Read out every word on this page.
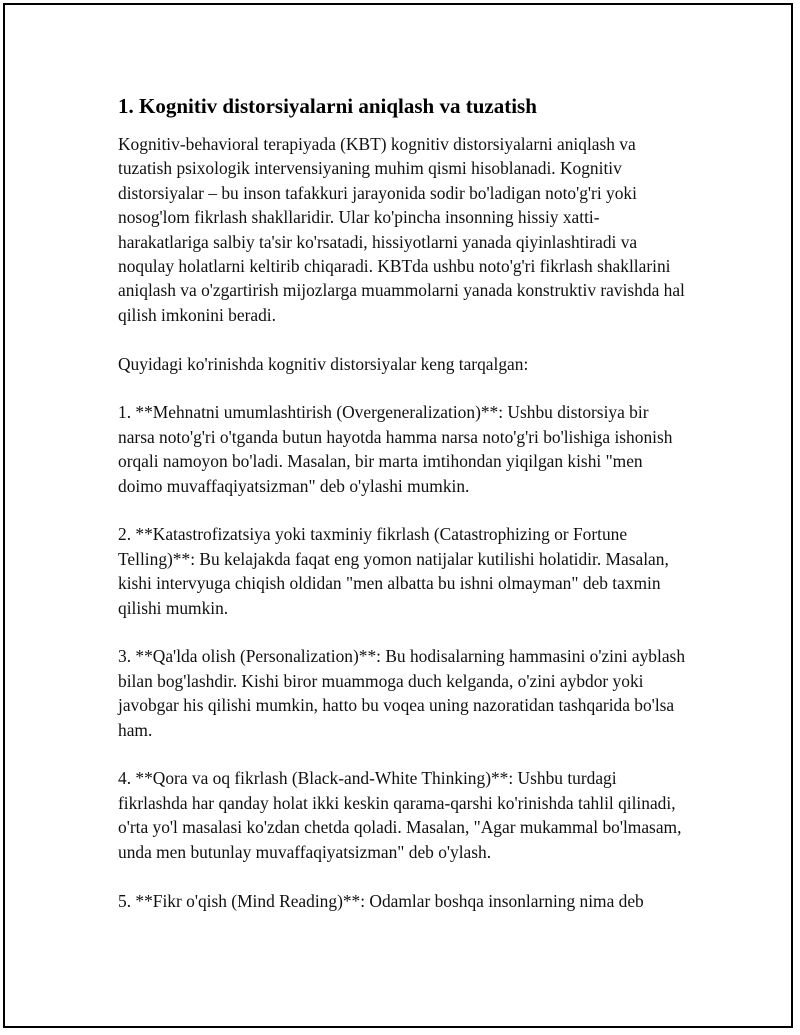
1. Kognitiv distorsiyalarni aniqlash va tuzatish

Kognitiv-behavioral terapiyada (KBT) kognitiv distorsiyalarni aniqlash va tuzatish psixologik intervensiyaning muhim qismi hisoblanadi. Kognitiv distorsiyalar – bu inson tafakkuri jarayonida sodir bo'ladigan noto'g'ri yoki nosog'lom fikrlash shakllaridir. Ular ko'pincha insonning hissiy xatti-harakatlariga salbiy ta'sir ko'rsatadi, hissiyotlarni yanada qiyinlashtiradi va noqulay holatlarni keltirib chiqaradi. KBTda ushbu noto'g'ri fikrlash shakllarini aniqlash va o'zgartirish mijozlarga muammolarni yanada konstruktiv ravishda hal qilish imkonini beradi.

Quyidagi ko'rinishda kognitiv distorsiyalar keng tarqalgan:

1. **Mehnatni umumlashtirish (Overgeneralization)**: Ushbu distorsiya bir narsa noto'g'ri o'tganda butun hayotda hamma narsa noto'g'ri bo'lishiga ishonish orqali namoyon bo'ladi. Masalan, bir marta imtihondan yiqilgan kishi "men doimo muvaffaqiyatsizman" deb o'ylashi mumkin.

2. **Katastrofizatsiya yoki taxminiy fikrlash (Catastrophizing or Fortune Telling)**: Bu kelajakda faqat eng yomon natijalar kutilishi holatidir. Masalan, kishi intervyuga chiqish oldidan "men albatta bu ishni olmayman" deb taxmin qilishi mumkin.

3. **Qa'lda olish (Personalization)**: Bu hodisalarning hammasini o'zini ayblash bilan bog'lashdir. Kishi biror muammoga duch kelganda, o'zini aybdor yoki javobgar his qilishi mumkin, hatto bu voqea uning nazoratidan tashqarida bo'lsa ham.

4. **Qora va oq fikrlash (Black-and-White Thinking)**: Ushbu turdagi fikrlashda har qanday holat ikki keskin qarama-qarshi ko'rinishda tahlil qilinadi, o'rta yo'l masalasi ko'zdan chetda qoladi. Masalan, "Agar mukammal bo'lmasam, unda men butunlay muvaffaqiyatsizman" deb o'ylash.

5. **Fikr o'qish (Mind Reading)**: Odamlar boshqa insonlarning nima deb
